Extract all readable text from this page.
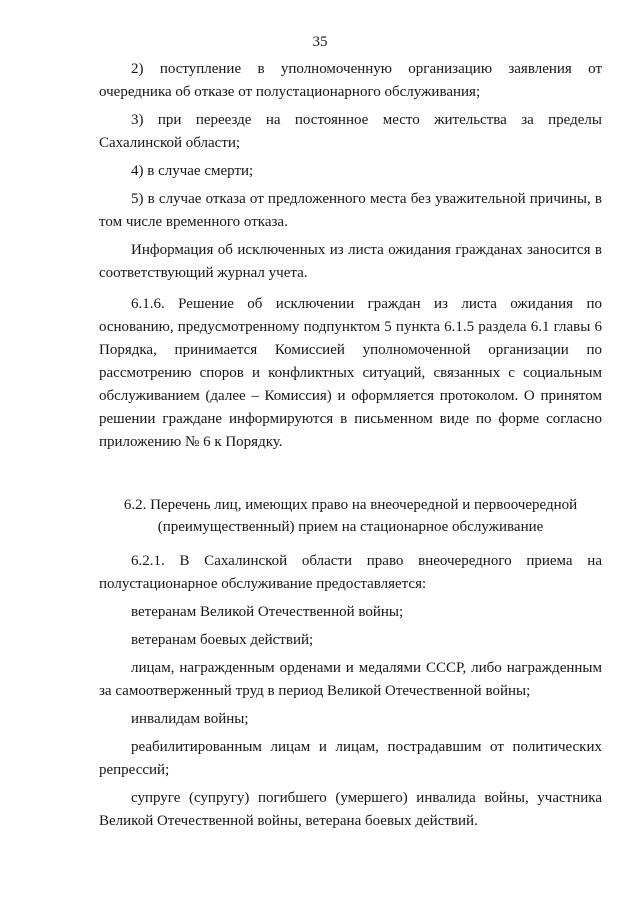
35

2) поступление в уполномоченную организацию заявления от очередника об отказе от полустационарного обслуживания;

3) при переезде на постоянное место жительства за пределы Сахалинской области;

4) в случае смерти;

5) в случае отказа от предложенного места без уважительной причины, в том числе временного отказа.

Информация об исключенных из листа ожидания гражданах заносится в соответствующий журнал учета.

6.1.6. Решение об исключении граждан из листа ожидания по основанию, предусмотренному подпунктом 5 пункта 6.1.5 раздела 6.1 главы 6 Порядка, принимается Комиссией уполномоченной организации по рассмотрению споров и конфликтных ситуаций, связанных с социальным обслуживанием (далее – Комиссия) и оформляется протоколом. О принятом решении граждане информируются в письменном виде по форме согласно приложению № 6 к Порядку.

6.2. Перечень лиц, имеющих право на внеочередной и первоочередной
(преимущественный) прием на стационарное обслуживание

6.2.1. В Сахалинской области право внеочередного приема на полустационарное обслуживание предоставляется:

ветеранам Великой Отечественной войны;

ветеранам боевых действий;

лицам, награжденным орденами и медалями СССР, либо награжденным за самоотверженный труд в период Великой Отечественной войны;

инвалидам войны;

реабилитированным лицам и лицам, пострадавшим от политических репрессий;

супруге (супругу) погибшего (умершего) инвалида войны, участника Великой Отечественной войны, ветерана боевых действий.
